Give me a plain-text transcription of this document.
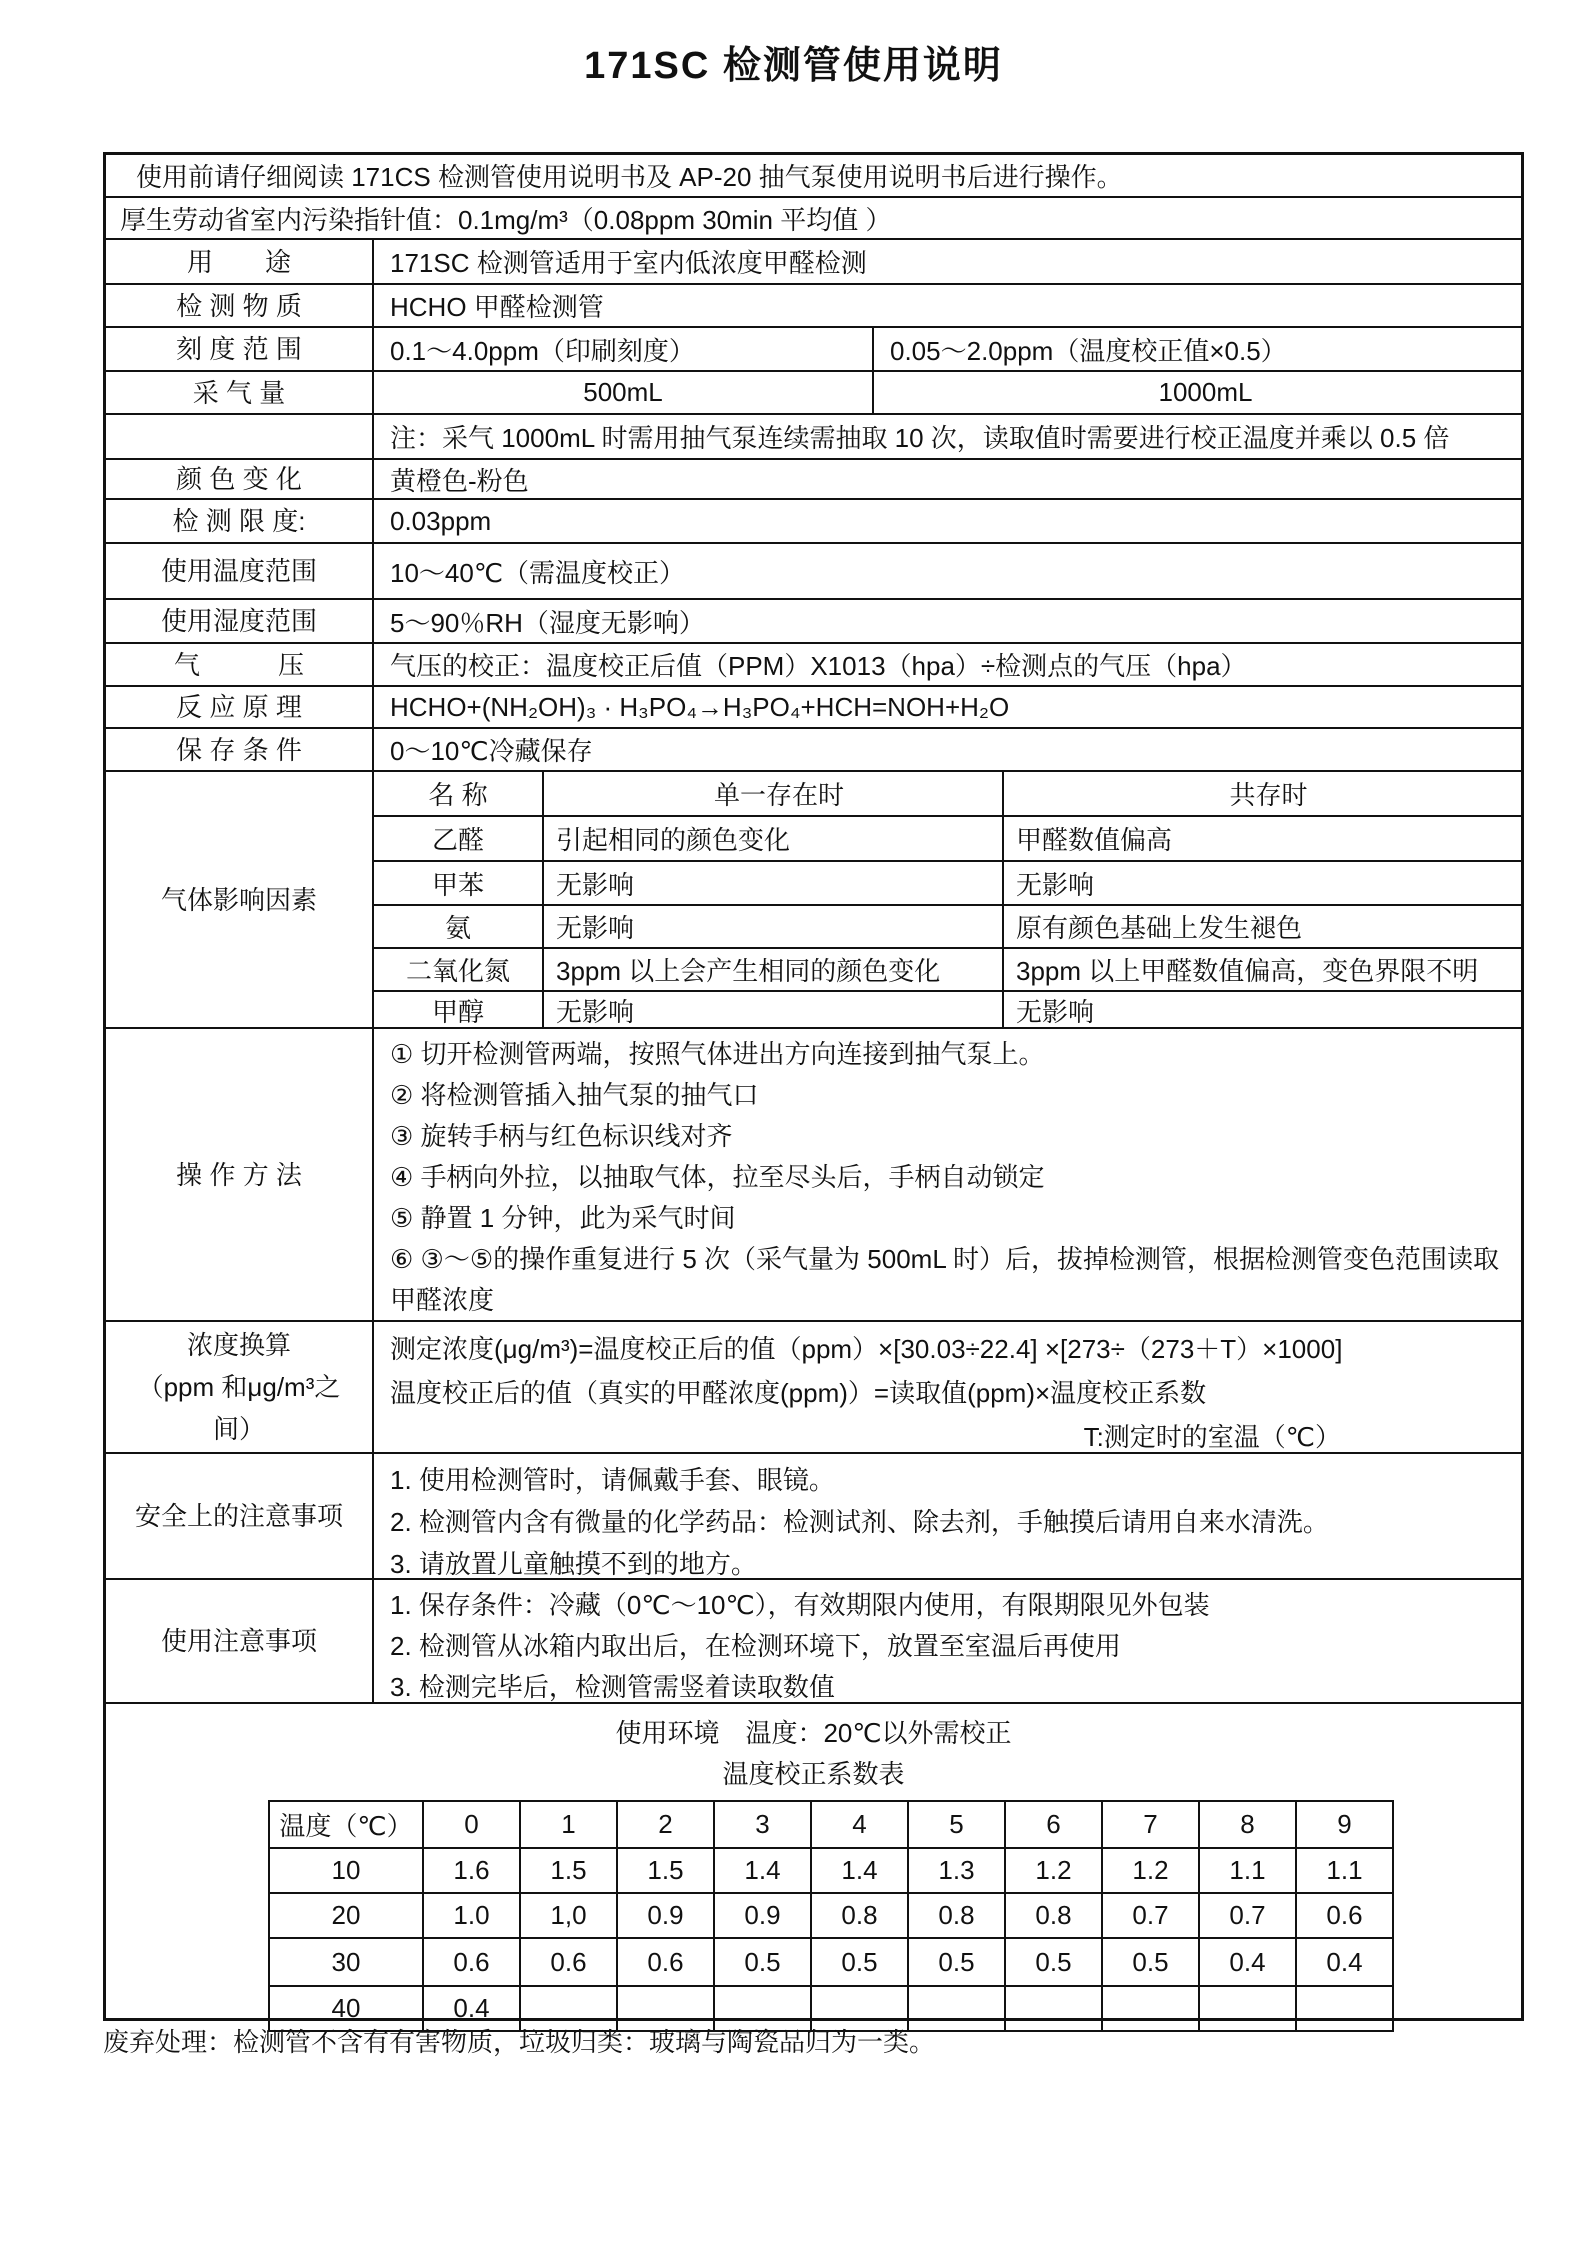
171SC 检测管使用说明
使用前请仔细阅读 171CS 检测管使用说明书及 AP-20 抽气泵使用说明书后进行操作。
厚生劳动省室内污染指针值：0.1mg/m³（0.08ppm 30min 平均值 ）
用　　途	171SC 检测管适用于室内低浓度甲醛检测
检 测 物 质	HCHO 甲醛检测管
刻 度 范 围	0.1～4.0ppm（印刷刻度）	0.05～2.0ppm（温度校正值×0.5）
采 气 量	500mL	1000mL
注：采气 1000mL 时需用抽气泵连续需抽取 10 次，读取值时需要进行校正温度并乘以 0.5 倍
颜 色 变 化	黄橙色-粉色
检 测 限 度:	0.03ppm
使用温度范围	10～40℃（需温度校正）
使用湿度范围	5～90％RH（湿度无影响）
气　　　压	气压的校正：温度校正后值（PPM）X1013（hpa）÷检测点的气压（hpa）
反 应 原 理	HCHO+(NH₂OH)₃ · H₃PO₄→H₃PO₄+HCH=NOH+H₂O
保 存 条 件	0～10℃冷藏保存
气体影响因素
名 称	单一存在时	共存时
乙醛	引起相同的颜色变化	甲醛数值偏高
甲苯	无影响	无影响
氨	无影响	原有颜色基础上发生褪色
二氧化氮	3ppm 以上会产生相同的颜色变化	3ppm 以上甲醛数值偏高，变色界限不明
甲醇	无影响	无影响
操 作 方 法
① 切开检测管两端，按照气体进出方向连接到抽气泵上。
② 将检测管插入抽气泵的抽气口
③ 旋转手柄与红色标识线对齐
④ 手柄向外拉，以抽取气体，拉至尽头后，手柄自动锁定
⑤ 静置 1 分钟，此为采气时间
⑥ ③～⑤的操作重复进行 5 次（采气量为 500mL 时）后，拔掉检测管，根据检测管变色范围读取甲醛浓度
浓度换算
（ppm 和μg/m³之
间）
测定浓度(μg/m³)=温度校正后的值（ppm）×[30.03÷22.4] ×[273÷（273＋T）×1000]
温度校正后的值（真实的甲醛浓度(ppm)）=读取值(ppm)×温度校正系数
T:测定时的室温（℃）
安全上的注意事项
1. 使用检测管时，请佩戴手套、眼镜。
2. 检测管内含有微量的化学药品：检测试剂、除去剂，手触摸后请用自来水清洗。
3. 请放置儿童触摸不到的地方。
使用注意事项
1. 保存条件：冷藏（0℃～10℃），有效期限内使用，有限期限见外包装
2. 检测管从冰箱内取出后，在检测环境下，放置至室温后再使用
3. 检测完毕后，检测管需竖着读取数值
使用环境　温度：20℃以外需校正
温度校正系数表
温度（℃）	0	1	2	3	4	5	6	7	8	9
10	1.6	1.5	1.5	1.4	1.4	1.3	1.2	1.2	1.1	1.1
20	1.0	1,0	0.9	0.9	0.8	0.8	0.8	0.7	0.7	0.6
30	0.6	0.6	0.6	0.5	0.5	0.5	0.5	0.5	0.4	0.4
40	0.4
废弃处理：检测管不含有有害物质，垃圾归类：玻璃与陶瓷品归为一类。
